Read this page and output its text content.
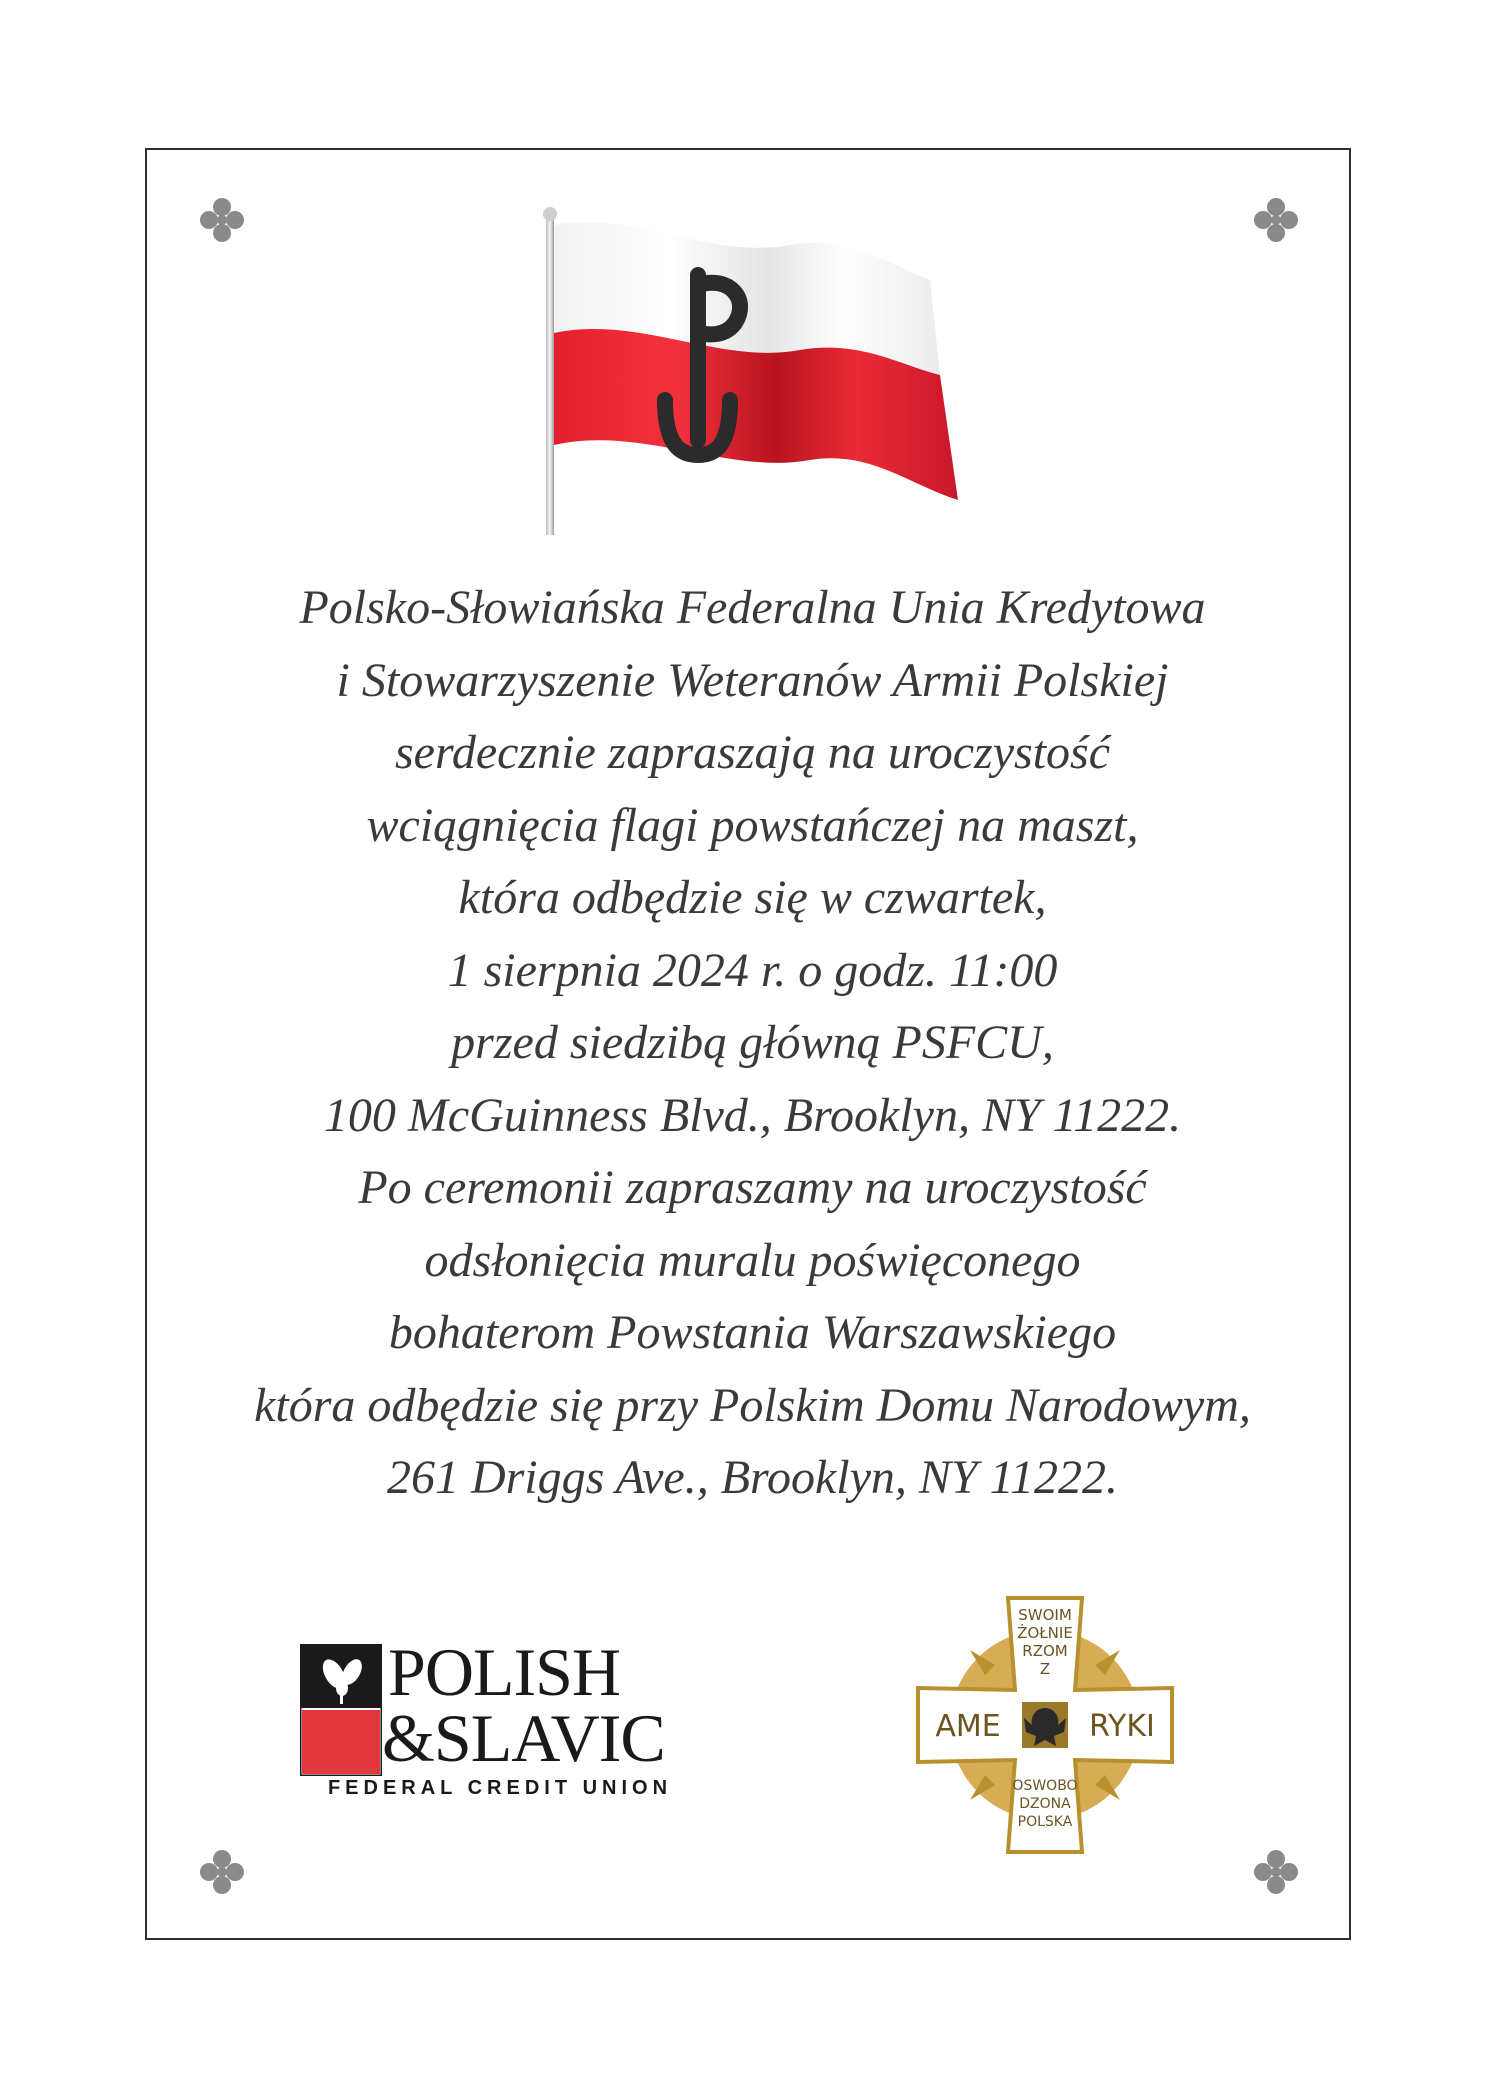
Polsko-Słowiańska Federalna Unia Kredytowa
i Stowarzyszenie Weteranów Armii Polskiej
serdecznie zapraszają na uroczystość
wciągnięcia flagi powstańczej na maszt,
która odbędzie się w czwartek,
1 sierpnia 2024 r. o godz. 11:00
przed siedzibą główną PSFCU,
100 McGuinness Blvd., Brooklyn, NY 11222.
Po ceremonii zapraszamy na uroczystość
odsłonięcia muralu poświęconego
bohaterom Powstania Warszawskiego
która odbędzie się przy Polskim Domu Narodowym,
261 Driggs Ave., Brooklyn, NY 11222.
POLISH
&SLAVIC
FEDERAL CREDIT UNION
SWOIM
ŻOŁNIE
RZOM
Z
AME	RYKI
OSWOBO
DZONA
POLSKA
